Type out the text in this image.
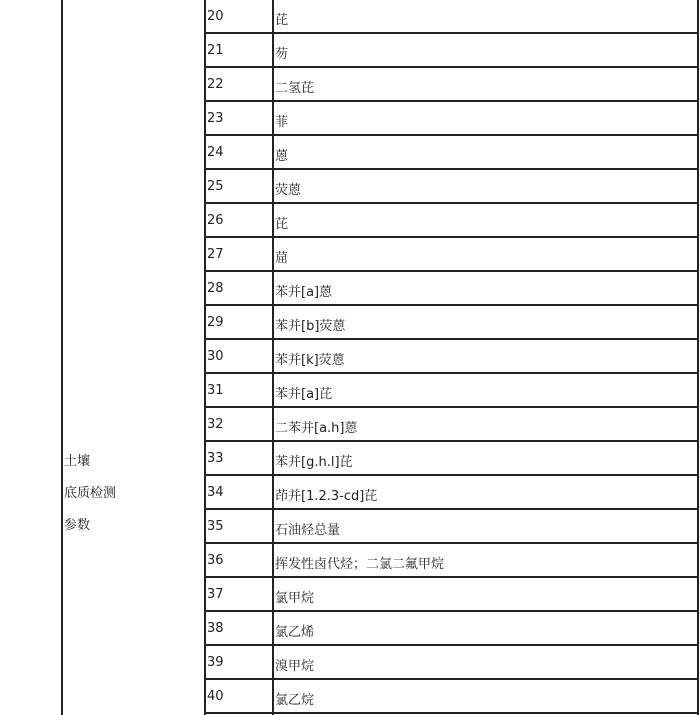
土壤
底质检测
参数
20	芘
21	芴
22	二氢芘
23	菲
24	蒽
25	荧蒽
26	芘
27	䓛
28	苯并[a]蒽
29	苯并[b]荧蒽
30	苯并[k]荧蒽
31	苯并[a]芘
32	二苯并[a.h]蒽
33	苯并[g.h.l]芘
34	茚并[1.2.3-cd]芘
35	石油烃总量
36	挥发性卤代烃；二氯二氟甲烷
37	氯甲烷
38	氯乙烯
39	溴甲烷
40	氯乙烷
